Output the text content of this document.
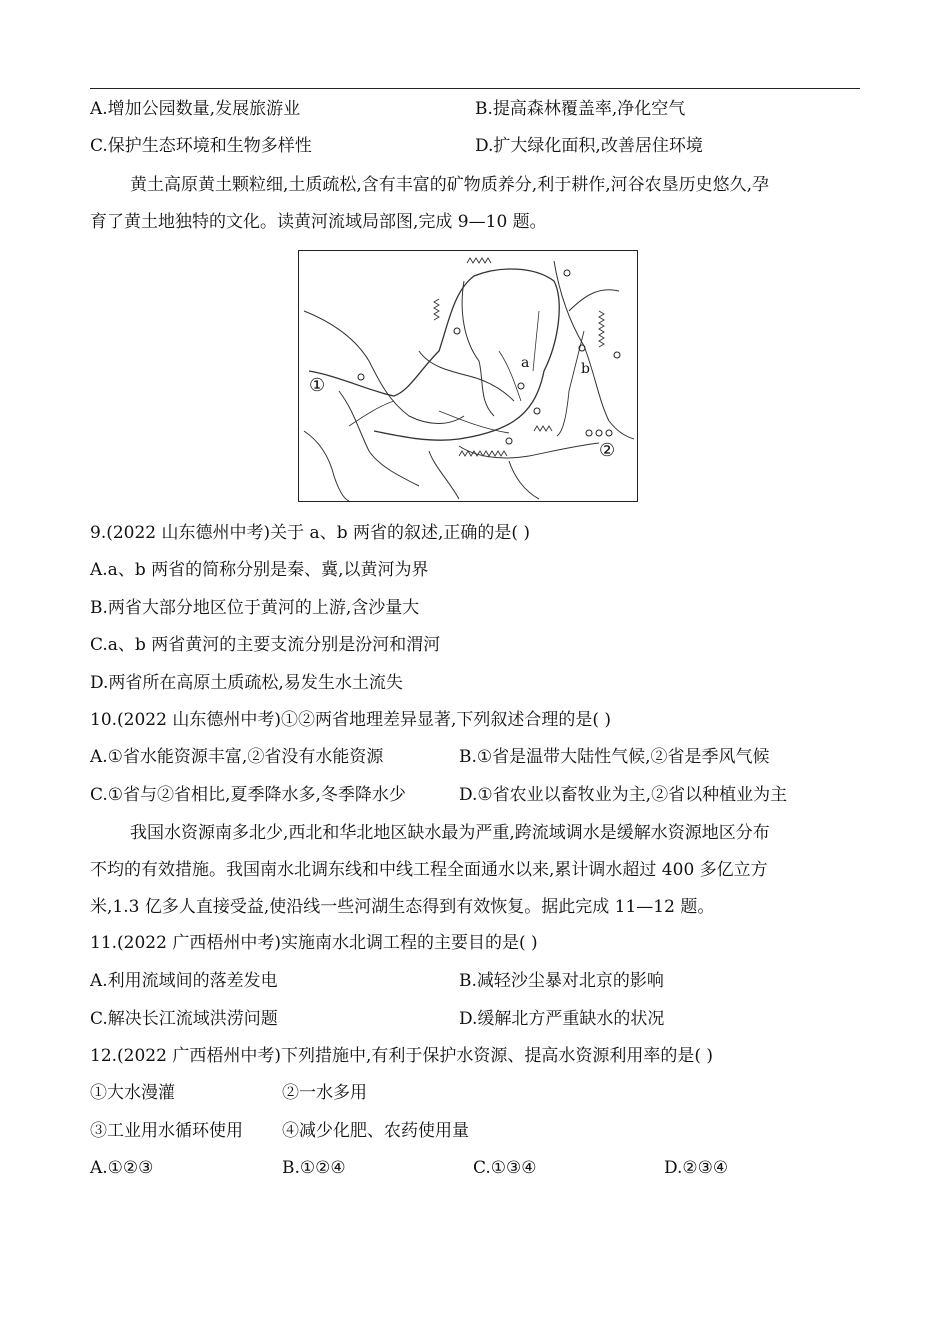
A.增加公园数量,发展旅游业	B.提高森林覆盖率,净化空气
C.保护生态环境和生物多样性	D.扩大绿化面积,改善居住环境
黄土高原黄土颗粒细,土质疏松,含有丰富的矿物质养分,利于耕作,河谷农垦历史悠久,孕
育了黄土地独特的文化。读黄河流域局部图,完成 9—10 题。
a	b
①
②
9.(2022 山东德州中考)关于 a、b 两省的叙述,正确的是( )
A.a、b 两省的简称分别是秦、冀,以黄河为界
B.两省大部分地区位于黄河的上游,含沙量大
C.a、b 两省黄河的主要支流分别是汾河和渭河
D.两省所在高原土质疏松,易发生水土流失
10.(2022 山东德州中考)①②两省地理差异显著,下列叙述合理的是( )
A.①省水能资源丰富,②省没有水能资源	B.①省是温带大陆性气候,②省是季风气候
C.①省与②省相比,夏季降水多,冬季降水少	D.①省农业以畜牧业为主,②省以种植业为主
我国水资源南多北少,西北和华北地区缺水最为严重,跨流域调水是缓解水资源地区分布
不均的有效措施。我国南水北调东线和中线工程全面通水以来,累计调水超过 400 多亿立方
米,1.3 亿多人直接受益,使沿线一些河湖生态得到有效恢复。据此完成 11—12 题。
11.(2022 广西梧州中考)实施南水北调工程的主要目的是( )
A.利用流域间的落差发电	B.减轻沙尘暴对北京的影响
C.解决长江流域洪涝问题	D.缓解北方严重缺水的状况
12.(2022 广西梧州中考)下列措施中,有利于保护水资源、提高水资源利用率的是( )
①大水漫灌	②一水多用
③工业用水循环使用 ④减少化肥、农药使用量
A.①②③	B.①②④	C.①③④	D.②③④
